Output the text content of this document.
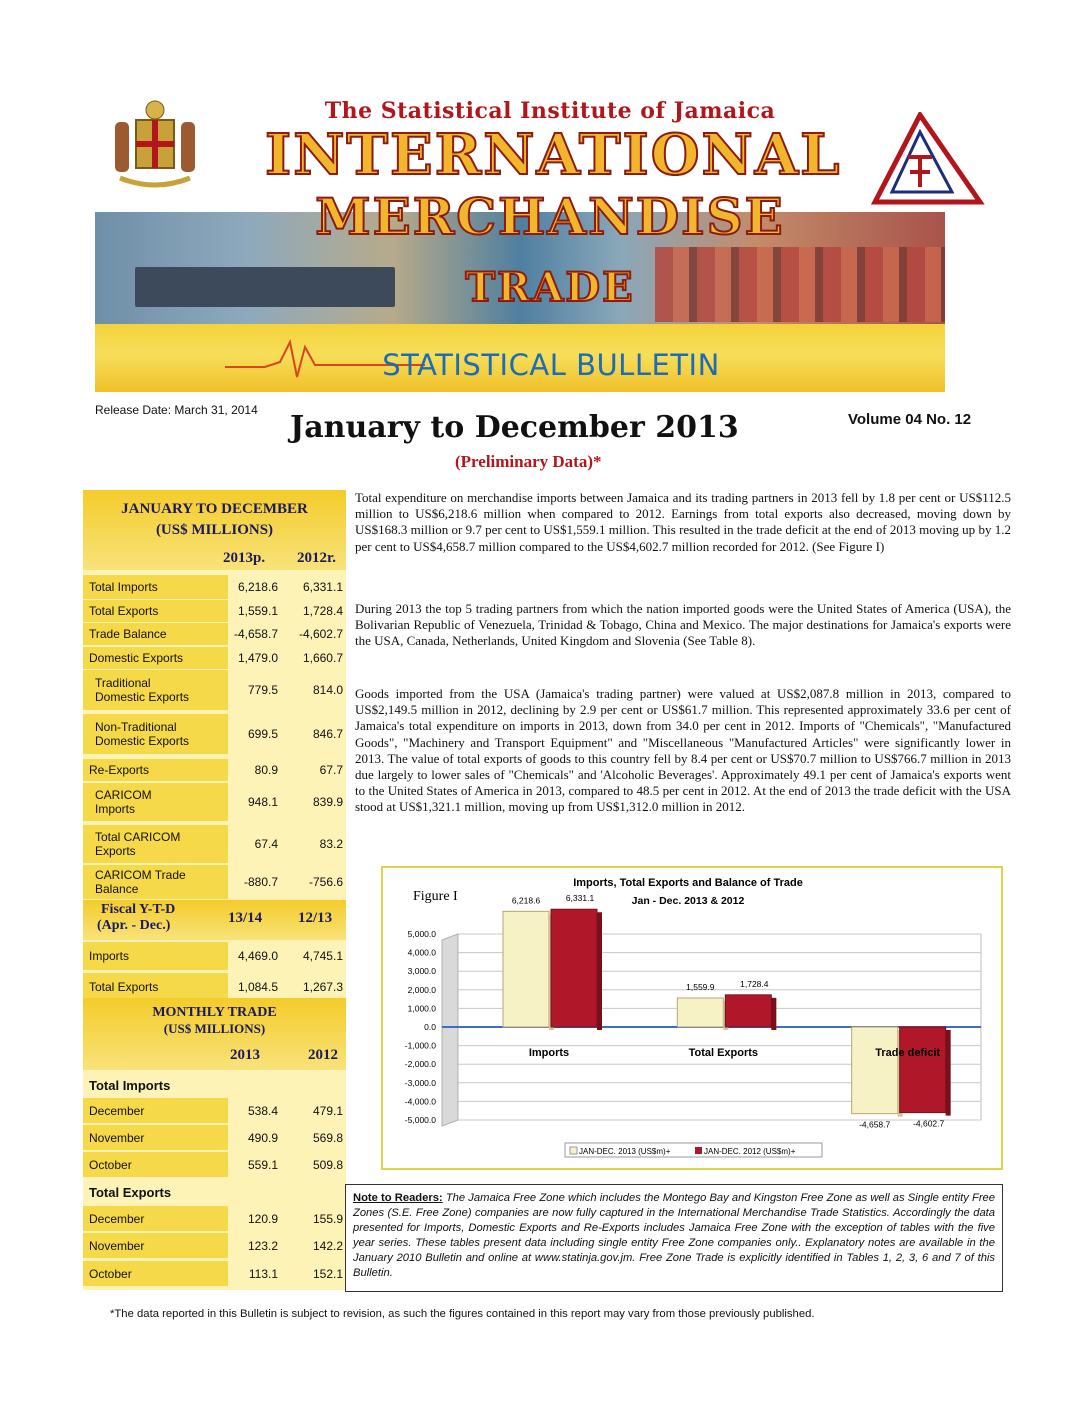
The Statistical Institute of Jamaica
INTERNATIONAL
MERCHANDISE
TRADE
STATISTICAL BULLETIN
Release Date: March 31, 2014
Volume 04 No. 12
January to December 2013
(Preliminary Data)*
JANUARY TO DECEMBER
(US$ MILLIONS)
2013p. 2012r.
Total Imports	6,218.6 6,331.1
Total Exports	1,559.1 1,728.4
Trade Balance	-4,658.7 -4,602.7
Domestic Exports	1,479.0 1,660.7
Traditional
Domestic Exports	779.5	814.0
Non-Traditional
Domestic Exports	699.5	846.7
Re-Exports	80.9	67.7
CARICOM
Imports	948.1	839.9
Total CARICOM
Exports	67.4	83.2
CARICOM Trade
Balance	-880.7	-756.6
Fiscal Y-T-D
(Apr. - Dec.)	13/14 12/13
Imports	4,469.0 4,745.1
Total Exports	1,084.5 1,267.3
MONTHLY TRADE
(US$ MILLIONS)
2013	2012
Total Imports
December	538.4	479.1
November	490.9	569.8
October	559.1	509.8
Total Exports
December	120.9	155.9
November	123.2	142.2
October	113.1	152.1
Total expenditure on merchandise imports between Jamaica and its trading partners in 2013 fell by 1.8 per cent or US$112.5 million to US$6,218.6 million when compared to 2012. Earnings from total exports also decreased, moving down by US$168.3 million or 9.7 per cent to US$1,559.1 million. This resulted in the trade deficit at the end of 2013 moving up by 1.2 per cent to US$4,658.7 million compared to the US$4,602.7 million recorded for 2012. (See Figure I)
During 2013 the top 5 trading partners from which the nation imported goods were the United States of America (USA), the Bolivarian Republic of Venezuela, Trinidad & Tobago, China and Mexico. The major destinations for Jamaica's exports were the USA, Canada, Netherlands, United Kingdom and Slovenia (See Table 8).
Goods imported from the USA (Jamaica's trading partner) were valued at US$2,087.8 million in 2013, compared to US$2,149.5 million in 2012, declining by 2.9 per cent or US$61.7 million. This represented approximately 33.6 per cent of Jamaica's total expenditure on imports in 2013, down from 34.0 per cent in 2012. Imports of "Chemicals", "Manufactured Goods", "Machinery and Transport Equipment" and "Miscellaneous "Manufactured Articles" were significantly lower in 2013. The value of total exports of goods to this country fell by 8.4 per cent or US$70.7 million to US$766.7 million in 2013 due largely to lower sales of "Chemicals" and 'Alcoholic Beverages'. Approximately 49.1 per cent of Jamaica's exports went to the United States of America in 2013, compared to 48.5 per cent in 2012. At the end of 2013 the trade deficit with the USA stood at US$1,321.1 million, moving up from US$1,312.0 million in 2012.
Figure I
Imports, Total Exports and Balance of Trade
Jan - Dec. 2013 & 2012
5,000.0
4,000.0
3,000.0
2,000.0
1,000.0
0.0
-1,000.0
-2,000.0
-3,000.0
-4,000.0
-5,000.0
6,218.6	6,331.1
Imports
1,559.9	1,728.4
Total Exports
-4,658.7	-4,602.7
Trade deficit
JAN-DEC. 2013 (US$m)+	JAN-DEC. 2012 (US$m)+
Note to Readers: The Jamaica Free Zone which includes the Montego Bay and Kingston Free Zone as well as Single entity Free Zones (S.E. Free Zone) companies are now fully captured in the International Merchandise Trade Statistics. Accordingly the data presented for Imports, Domestic Exports and Re-Exports includes Jamaica Free Zone with the exception of tables with the five year series. These tables present data including single entity Free Zone companies only.. Explanatory notes are available in the January 2010 Bulletin and online at www.statinja.gov.jm. Free Zone Trade is explicitly identified in Tables 1, 2, 3, 6 and 7 of this Bulletin.
*The data reported in this Bulletin is subject to revision, as such the figures contained in this report may vary from those previously published.
